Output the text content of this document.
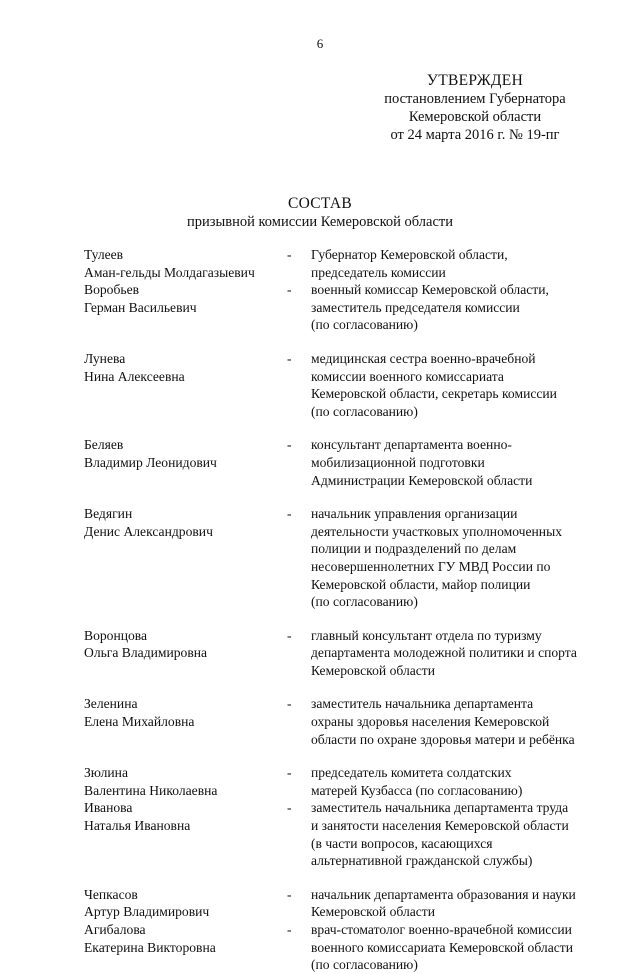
6
УТВЕРЖДЕН
постановлением Губернатора
Кемеровской области
от 24 марта 2016 г. № 19-пг
СОСТАВ
призывной комиссии Кемеровской области
Тулеев
Аман-гельды Молдагазыевич
-	Губернатор Кемеровской области,
председатель комиссии
Воробьев
Герман Васильевич
-	военный комиссар Кемеровской области,
заместитель председателя комиссии
(по согласованию)
Лунева
Нина Алексеевна
-	медицинская сестра военно-врачебной
комиссии военного комиссариата
Кемеровской области, секретарь комиссии
(по согласованию)
Беляев
Владимир Леонидович
-	консультант департамента военно-
мобилизационной подготовки
Администрации Кемеровской области
Ведягин
Денис Александрович
-	начальник управления организации
деятельности участковых уполномоченных
полиции и подразделений по делам
несовершеннолетних ГУ МВД России по
Кемеровской области, майор полиции
(по согласованию)
Воронцова
Ольга Владимировна
-	главный консультант отдела по туризму
департамента молодежной политики и спорта
Кемеровской области
Зеленина
Елена Михайловна
-	заместитель начальника департамента
охраны здоровья населения Кемеровской
области по охране здоровья матери и ребёнка
Зюлина
Валентина Николаевна
-	председатель комитета солдатских
матерей Кузбасса (по согласованию)
Иванова
Наталья Ивановна
-	заместитель начальника департамента труда
и занятости населения Кемеровской области
(в части вопросов, касающихся
альтернативной гражданской службы)
Чепкасов
Артур Владимирович
-	начальник департамента образования и науки
Кемеровской области
Агибалова
Екатерина Викторовна
-	врач-стоматолог военно-врачебной комиссии
военного комиссариата Кемеровской области
(по согласованию)
